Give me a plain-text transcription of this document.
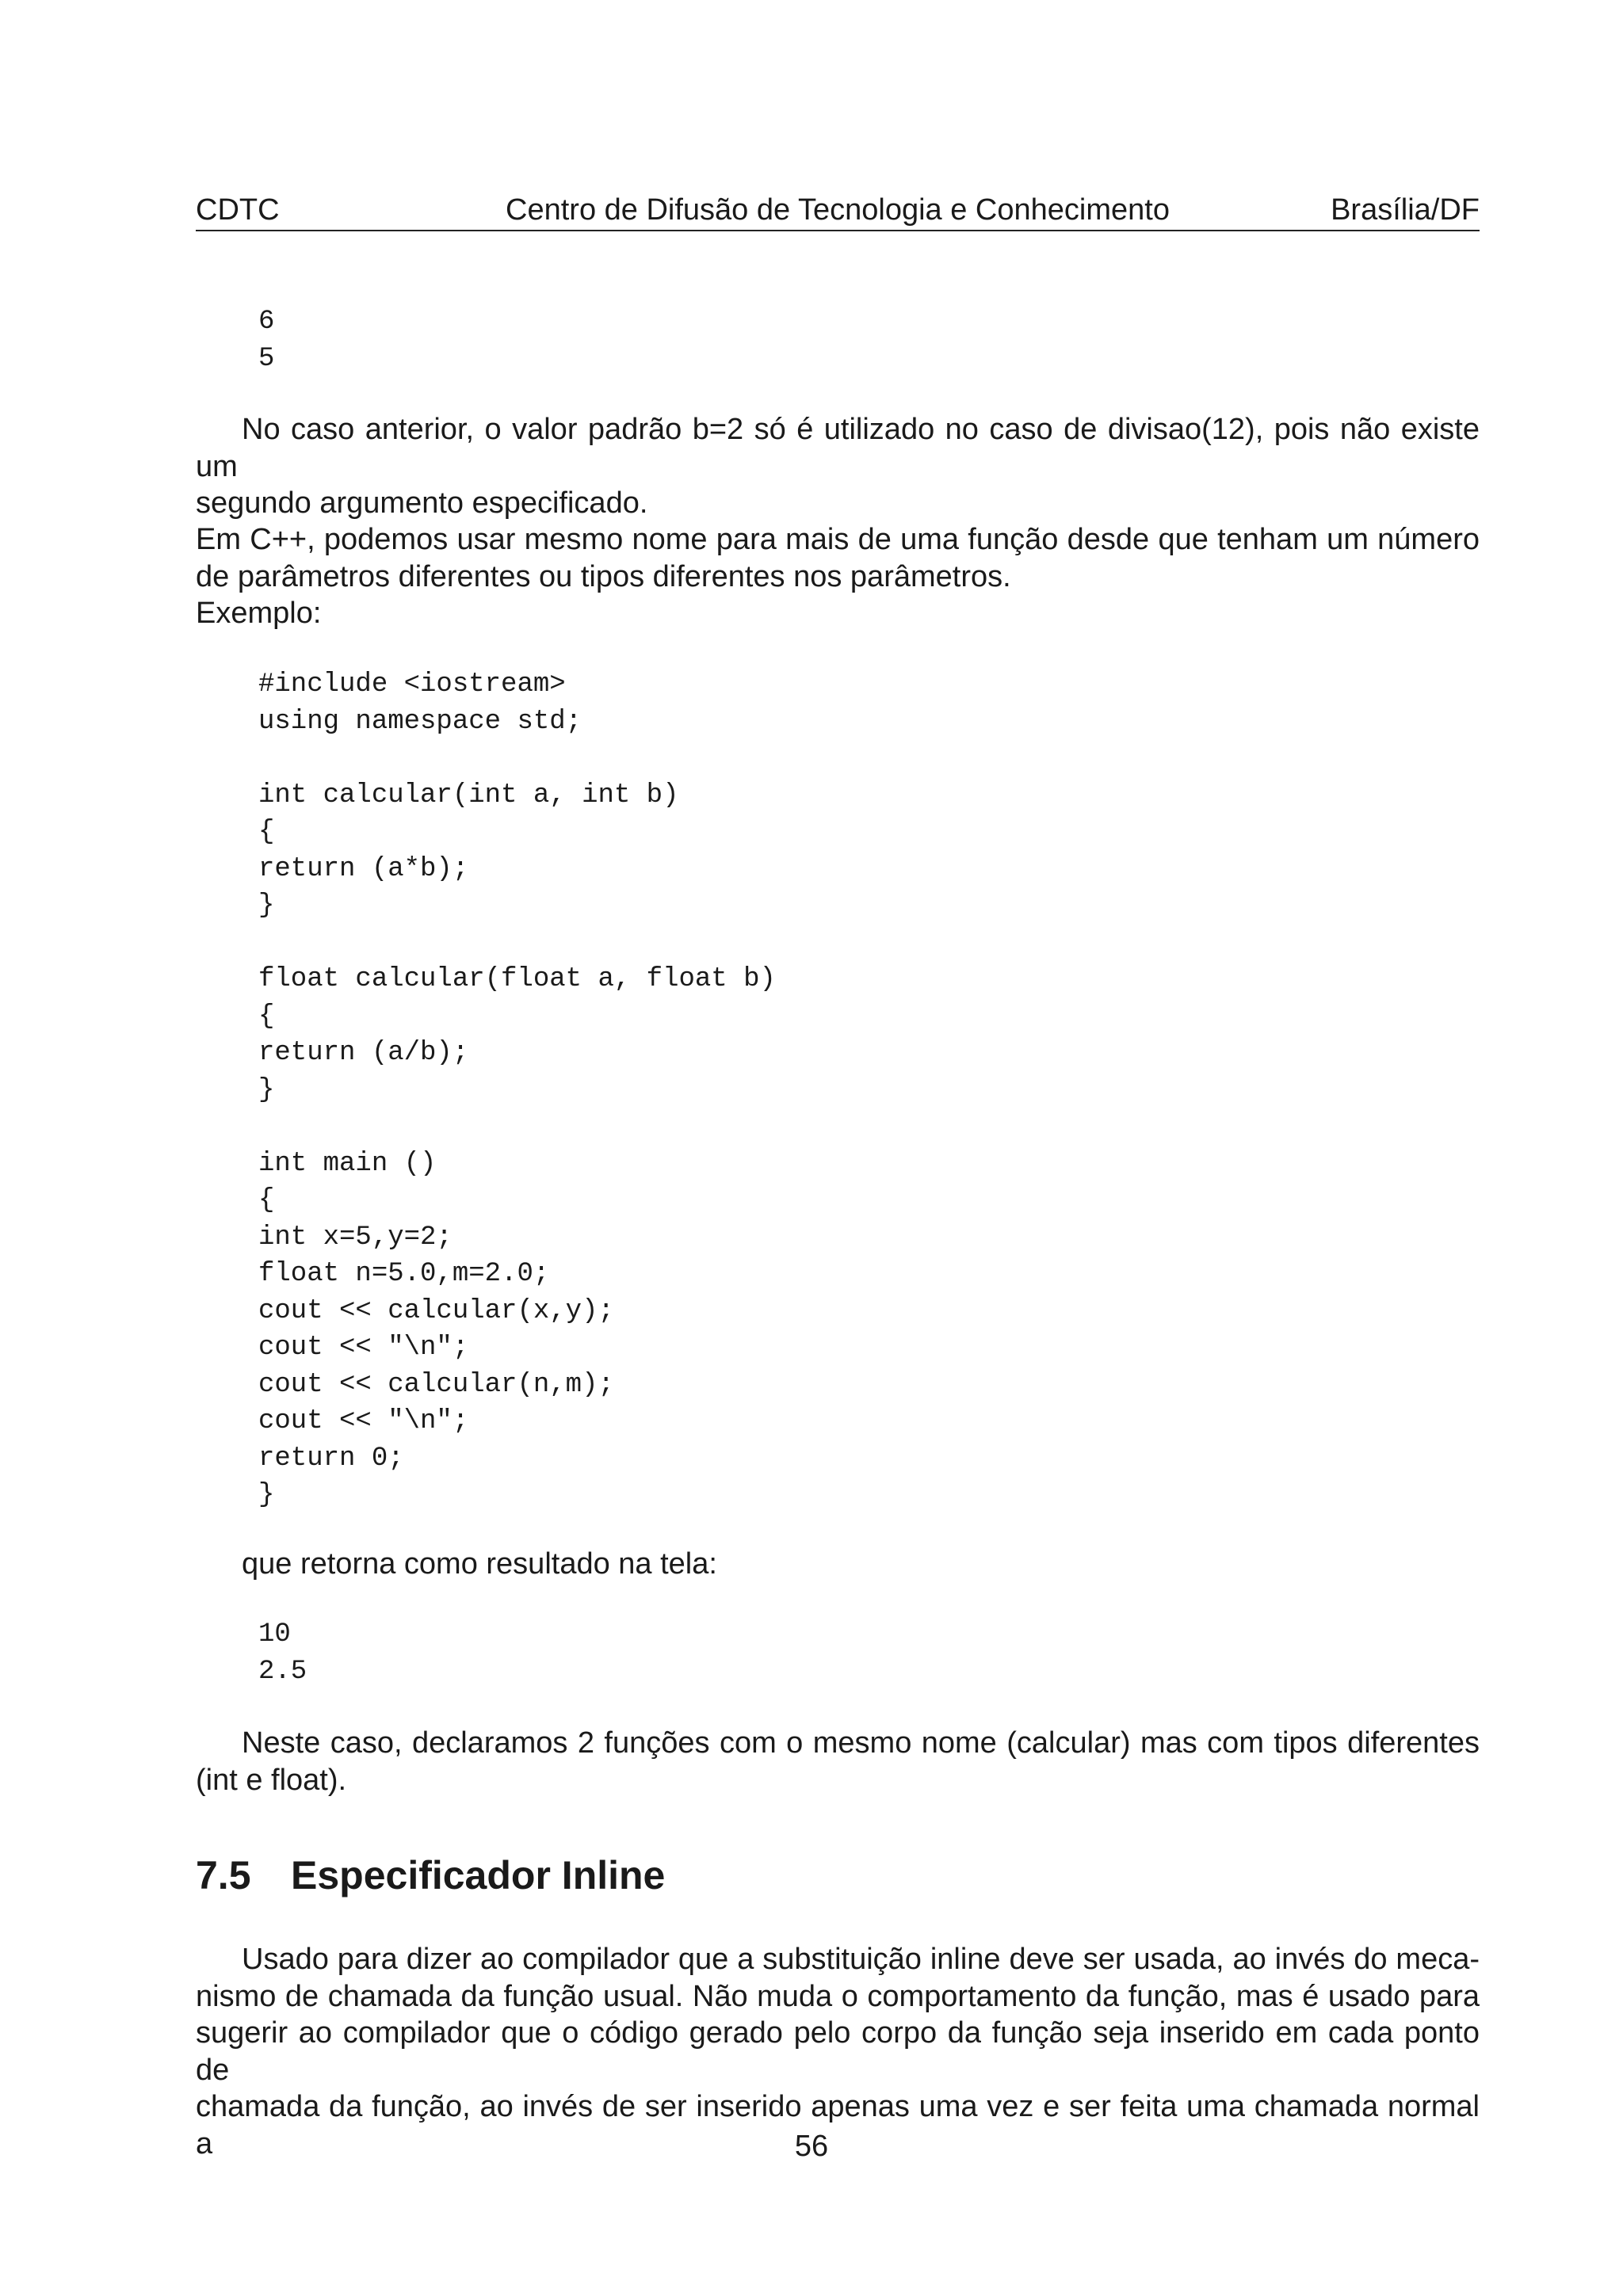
CDTC	Centro de Difusão de Tecnologia e Conhecimento	Brasília/DF
6
5
No caso anterior, o valor padrão b=2 só é utilizado no caso de divisao(12), pois não existe um
segundo argumento especificado.
Em C++, podemos usar mesmo nome para mais de uma função desde que tenham um número
de parâmetros diferentes ou tipos diferentes nos parâmetros.
Exemplo:
#include <iostream>
using namespace std;

int calcular(int a, int b)
{
return (a*b);
}

float calcular(float a, float b)
{
return (a/b);
}

int main ()
{
int x=5,y=2;
float n=5.0,m=2.0;
cout << calcular(x,y);
cout << "\n";
cout << calcular(n,m);
cout << "\n";
return 0;
}
que retorna como resultado na tela:
10
2.5
Neste caso, declaramos 2 funções com o mesmo nome (calcular) mas com tipos diferentes
(int e float).
7.5 Especificador Inline
Usado para dizer ao compilador que a substituição inline deve ser usada, ao invés do meca-
nismo de chamada da função usual. Não muda o comportamento da função, mas é usado para
sugerir ao compilador que o código gerado pelo corpo da função seja inserido em cada ponto de
chamada da função, ao invés de ser inserido apenas uma vez e ser feita uma chamada normal a	56
